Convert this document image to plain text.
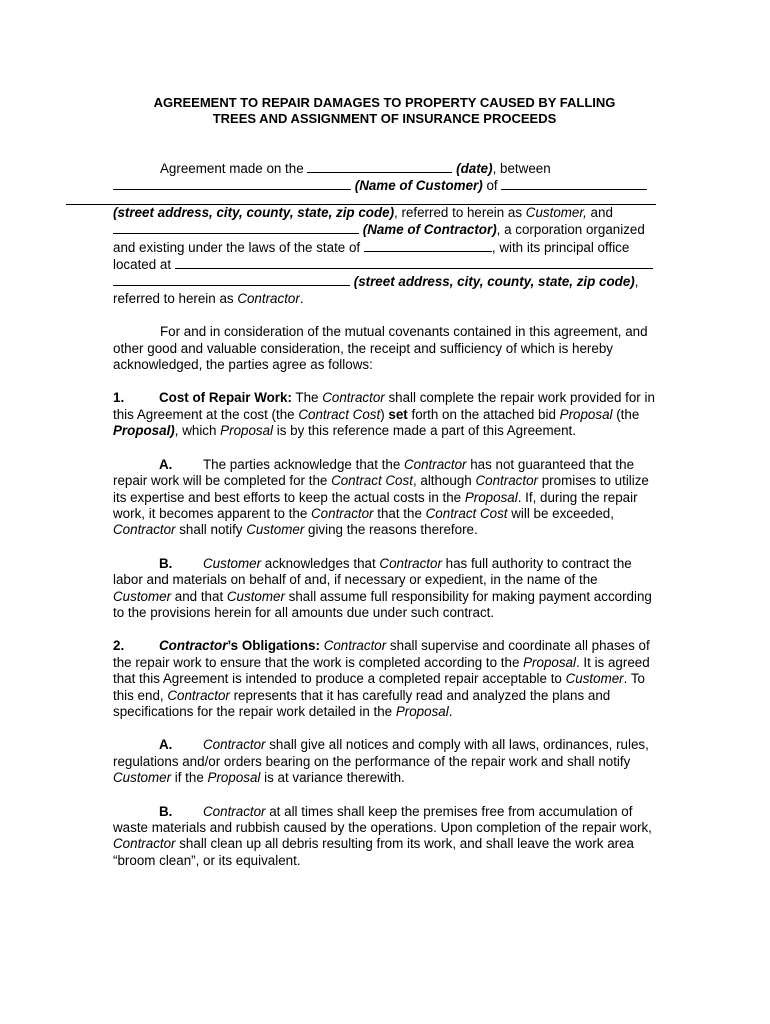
AGREEMENT TO REPAIR DAMAGES TO PROPERTY CAUSED BY FALLING
TREES AND ASSIGNMENT OF INSURANCE PROCEEDS

Agreement made on the	(date), between
(Name of Customer) of
(street address, city, county, state, zip code), referred to herein as Customer, and
(Name of Contractor), a corporation organized and existing under the laws of the state of	, with its principal office located at
(street address, city, county, state, zip code),
referred to herein as Contractor.

For and in consideration of the mutual covenants contained in this agreement, and other good and valuable consideration, the receipt and sufficiency of which is hereby acknowledged, the parties agree as follows:

1.	Cost of Repair Work: The Contractor shall complete the repair work provided for in this Agreement at the cost (the Contract Cost) set forth on the attached bid Proposal (the Proposal), which Proposal is by this reference made a part of this Agreement.

A. The parties acknowledge that the Contractor has not guaranteed that the repair work will be completed for the Contract Cost, although Contractor promises to utilize its expertise and best efforts to keep the actual costs in the Proposal. If, during the repair work, it becomes apparent to the Contractor that the Contract Cost will be exceeded, Contractor shall notify Customer giving the reasons therefore.

B. Customer acknowledges that Contractor has full authority to contract the labor and materials on behalf of and, if necessary or expedient, in the name of the Customer and that Customer shall assume full responsibility for making payment according to the provisions herein for all amounts due under such contract.

2.	Contractor’s Obligations: Contractor shall supervise and coordinate all phases of the repair work to ensure that the work is completed according to the Proposal. It is agreed that this Agreement is intended to produce a completed repair acceptable to Customer. To this end, Contractor represents that it has carefully read and analyzed the plans and specifications for the repair work detailed in the Proposal.

A. Contractor shall give all notices and comply with all laws, ordinances, rules, regulations and/or orders bearing on the performance of the repair work and shall notify Customer if the Proposal is at variance therewith.

B. Contractor at all times shall keep the premises free from accumulation of waste materials and rubbish caused by the operations. Upon completion of the repair work, Contractor shall clean up all debris resulting from its work, and shall leave the work area “broom clean”, or its equivalent.
